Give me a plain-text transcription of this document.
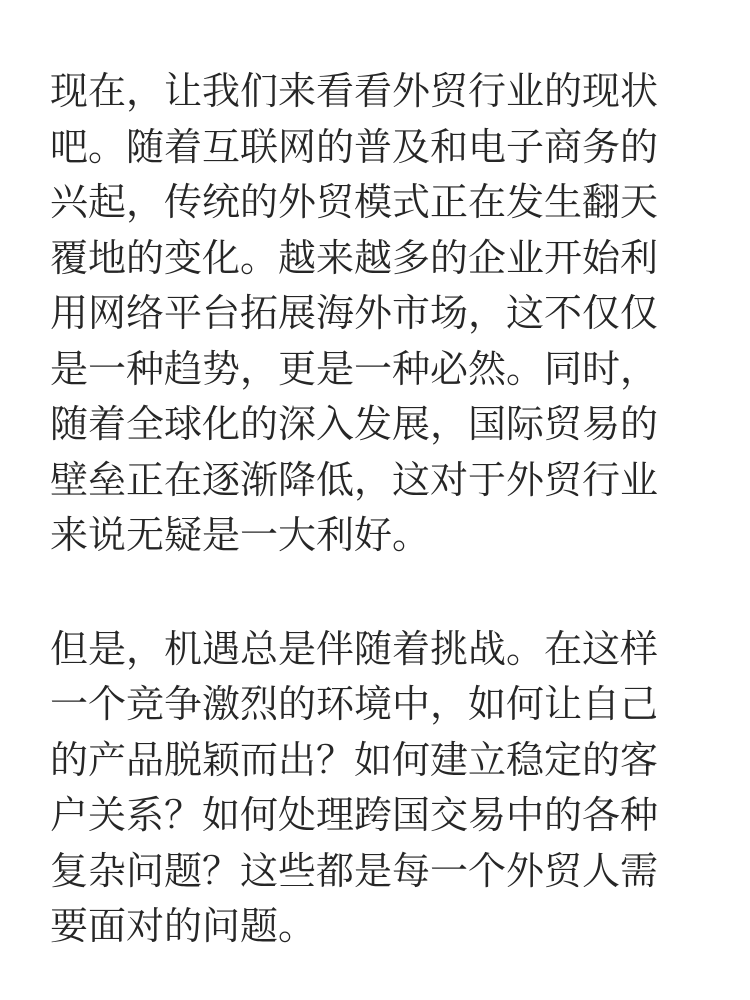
现在，让我们来看看外贸行业的现状
吧。随着互联网的普及和电子商务的
兴起，传统的外贸模式正在发生翻天
覆地的变化。越来越多的企业开始利
用网络平台拓展海外市场，这不仅仅
是一种趋势，更是一种必然。同时，
随着全球化的深入发展，国际贸易的
壁垒正在逐渐降低，这对于外贸行业
来说无疑是一大利好。
但是，机遇总是伴随着挑战。在这样
一个竞争激烈的环境中，如何让自己
的产品脱颖而出？如何建立稳定的客
户关系？如何处理跨国交易中的各种
复杂问题？这些都是每一个外贸人需
要面对的问题。
